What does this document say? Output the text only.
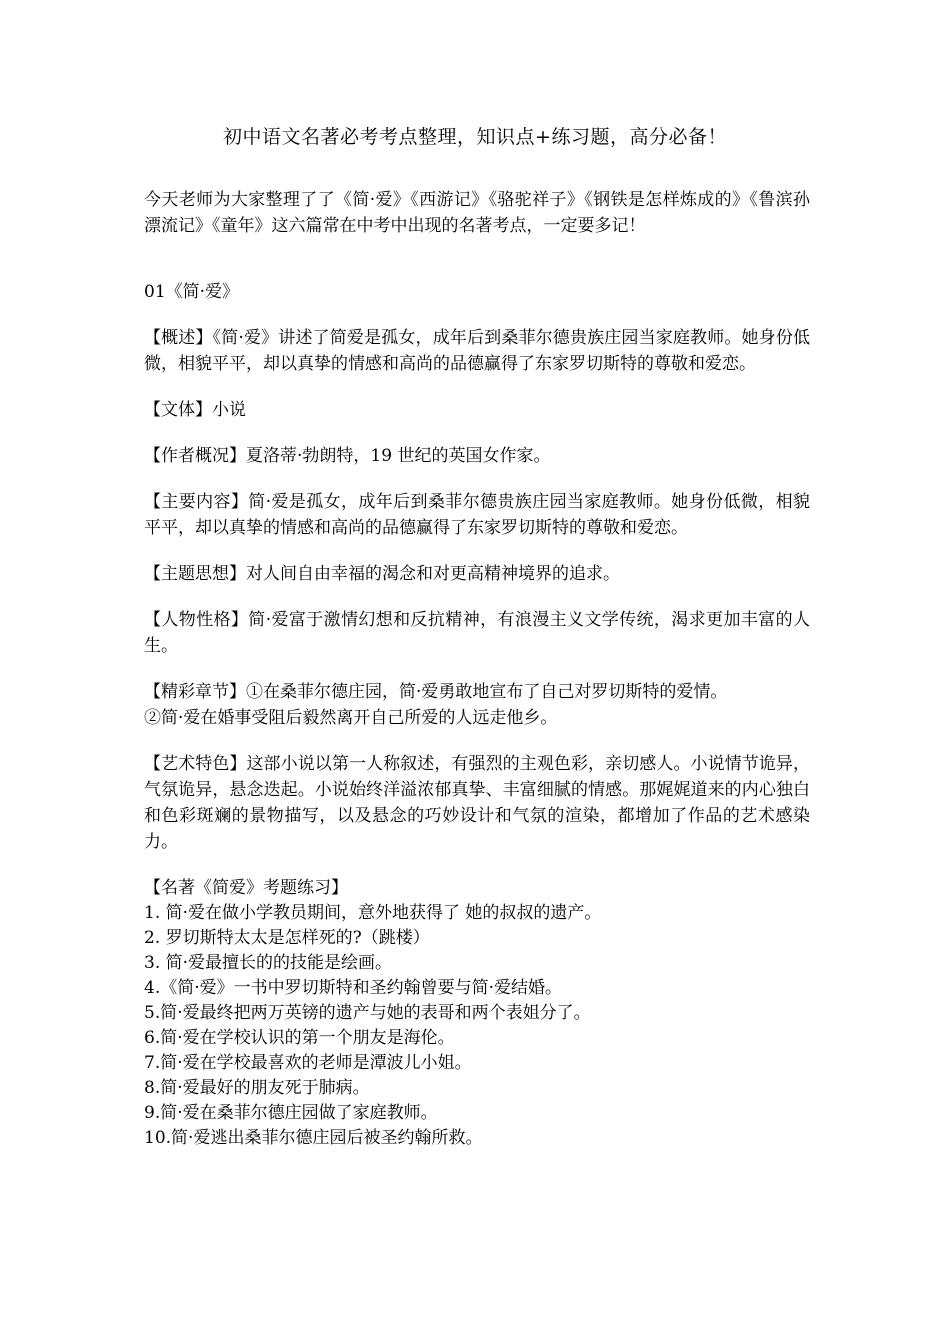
初中语文名著必考考点整理，知识点+练习题，高分必备！

今天老师为大家整理了了《简·爱》《西游记》《骆驼祥子》《钢铁是怎样炼成的》《鲁滨孙漂流记》《童年》这六篇常在中考中出现的名著考点，一定要多记！

01《简·爱》

【概述】《简·爱》讲述了简爱是孤女，成年后到桑菲尔德贵族庄园当家庭教师。她身份低微，相貌平平，却以真挚的情感和高尚的品德赢得了东家罗切斯特的尊敬和爱恋。

【文体】小说

【作者概况】夏洛蒂·勃朗特，19 世纪的英国女作家。

【主要内容】简·爱是孤女，成年后到桑菲尔德贵族庄园当家庭教师。她身份低微，相貌平平，却以真挚的情感和高尚的品德赢得了东家罗切斯特的尊敬和爱恋。

【主题思想】对人间自由幸福的渴念和对更高精神境界的追求。

【人物性格】简·爱富于激情幻想和反抗精神，有浪漫主义文学传统，渴求更加丰富的人生。

【精彩章节】①在桑菲尔德庄园，简·爱勇敢地宣布了自己对罗切斯特的爱情。

②简·爱在婚事受阻后毅然离开自己所爱的人远走他乡。

【艺术特色】这部小说以第一人称叙述，有强烈的主观色彩，亲切感人。小说情节诡异，气氛诡异，悬念迭起。小说始终洋溢浓郁真挚、丰富细腻的情感。那娓娓道来的内心独白和色彩斑斓的景物描写，以及悬念的巧妙设计和气氛的渲染，都增加了作品的艺术感染力。

【名著《简爱》考题练习】

1. 简·爱在做小学教员期间，意外地获得了 她的叔叔的遗产。
2. 罗切斯特太太是怎样死的?（跳楼）
3. 简·爱最擅长的的技能是绘画。
4.《简·爱》一书中罗切斯特和圣约翰曾要与简·爱结婚。
5.简·爱最终把两万英镑的遗产与她的表哥和两个表姐分了。
6.简·爱在学校认识的第一个朋友是海伦。
7.简·爱在学校最喜欢的老师是潭波儿小姐。
8.简·爱最好的朋友死于肺病。
9.简·爱在桑菲尔德庄园做了家庭教师。
10.简·爱逃出桑菲尔德庄园后被圣约翰所救。
